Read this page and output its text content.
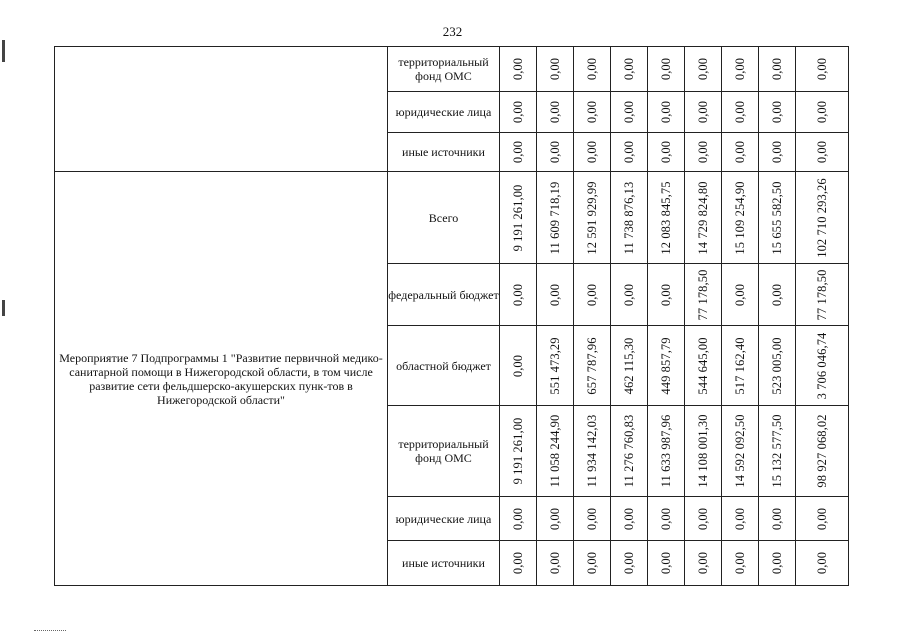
232
	территориальный фонд ОМС	0,00	0,00	0,00	0,00	0,00	0,00	0,00	0,00	0,00

	юридические лица	0,00	0,00	0,00	0,00	0,00	0,00	0,00	0,00	0,00

	иные источники	0,00	0,00	0,00	0,00	0,00	0,00	0,00	0,00	0,00

Мероприятие 7 Подпрограммы 1 "Развитие первичной медико-санитарной помощи в Нижегородской области, в том числе развитие сети фельдшерско-акушерских пунк-тов в Нижегородской области"	Всего	9 191 261,00	11 609 718,19	12 591 929,99	11 738 876,13	12 083 845,75	14 729 824,80	15 109 254,90	15 655 582,50	102 710 293,26

	федеральный бюджет	0,00	0,00	0,00	0,00	0,00	77 178,50	0,00	0,00	77 178,50

	областной бюджет	0,00	551 473,29	657 787,96	462 115,30	449 857,79	544 645,00	517 162,40	523 005,00	3 706 046,74

	территориальный фонд ОМС	9 191 261,00	11 058 244,90	11 934 142,03	11 276 760,83	11 633 987,96	14 108 001,30	14 592 092,50	15 132 577,50	98 927 068,02

	юридические лица	0,00	0,00	0,00	0,00	0,00	0,00	0,00	0,00	0,00

	иные источники	0,00	0,00	0,00	0,00	0,00	0,00	0,00	0,00	0,00
